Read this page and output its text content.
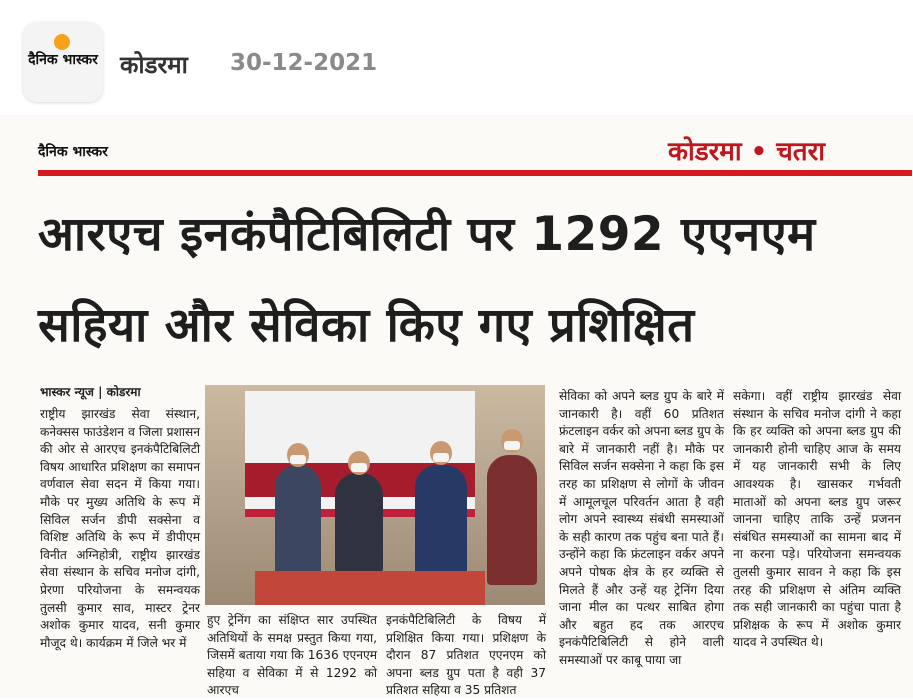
दैनिक भास्कर कोडरमा 30-12-2021
दैनिक भास्कर	कोडरमा • चतरा
आरएच इनकंपैटिबिलिटी पर 1292 एएनएम
सहिया और सेविका किए गए प्रशिक्षित
भास्कर न्यूज | कोडरमा

राष्ट्रीय झारखंड सेवा संस्थान, कनेक्सस फाउंडेशन व जिला प्रशासन की ओर से आरएच इनकंपैटिबिलिटी विषय आधारित प्रशिक्षण का समापन वर्णवाल सेवा सदन में किया गया। मौके पर मुख्य अतिथि के रूप में सिविल सर्जन डीपी सक्सेना व विशिष्ट अतिथि के रूप में डीपीएम विनीत अग्निहोत्री, राष्ट्रीय झारखंड सेवा संस्थान के सचिव मनोज दांगी, प्रेरणा परियोजना के समन्वयक तुलसी कुमार साव, मास्टर ट्रेनर अशोक कुमार यादव, सनी कुमार मौजूद थे। कार्यक्रम में जिले भर में

हुए ट्रेनिंग का संक्षिप्त सार उपस्थित अतिथियों के समक्ष प्रस्तुत किया गया, जिसमें बताया गया कि 1636 एएनएम सहिया व सेविका में से 1292 को आरएच

इनकंपैटिबिलिटी के विषय में प्रशिक्षित किया गया। प्रशिक्षण के दौरान 87 प्रतिशत एएनएम को अपना ब्लड ग्रुप पता है वही 37 प्रतिशत सहिया व 35 प्रतिशत

सेविका को अपने ब्लड ग्रुप के बारे में जानकारी है। वहीं 60 प्रतिशत फ्रंटलाइन वर्कर को अपना ब्लड ग्रुप के बारे में जानकारी नहीं है। मौके पर सिविल सर्जन सक्सेना ने कहा कि इस तरह का प्रशिक्षण से लोगों के जीवन में आमूलचूल परिवर्तन आता है वही लोग अपने स्वास्थ्य संबंधी समस्याओं के सही कारण तक पहुंच बना पाते हैं। उन्होंने कहा कि फ्रंटलाइन वर्कर अपने अपने पोषक क्षेत्र के हर व्यक्ति से मिलते हैं और उन्हें यह ट्रेनिंग दिया जाना मील का पत्थर साबित होगा और बहुत हद तक आरएच इनकंपैटिबिलिटी से होने वाली समस्याओं पर काबू पाया जा

सकेगा। वहीं राष्ट्रीय झारखंड सेवा संस्थान के सचिव मनोज दांगी ने कहा कि हर व्यक्ति को अपना ब्लड ग्रुप की जानकारी होनी चाहिए आज के समय में यह जानकारी सभी के लिए आवश्यक है। खासकर गर्भवती माताओं को अपना ब्लड ग्रुप जरूर जानना चाहिए ताकि उन्हें प्रजनन संबंधित समस्याओं का सामना बाद में ना करना पड़े। परियोजना समन्वयक तुलसी कुमार सावन ने कहा कि इस तरह की प्रशिक्षण से अंतिम व्यक्ति तक सही जानकारी का पहुंचा पाता है प्रशिक्षक के रूप में अशोक कुमार यादव ने उपस्थित थे।
